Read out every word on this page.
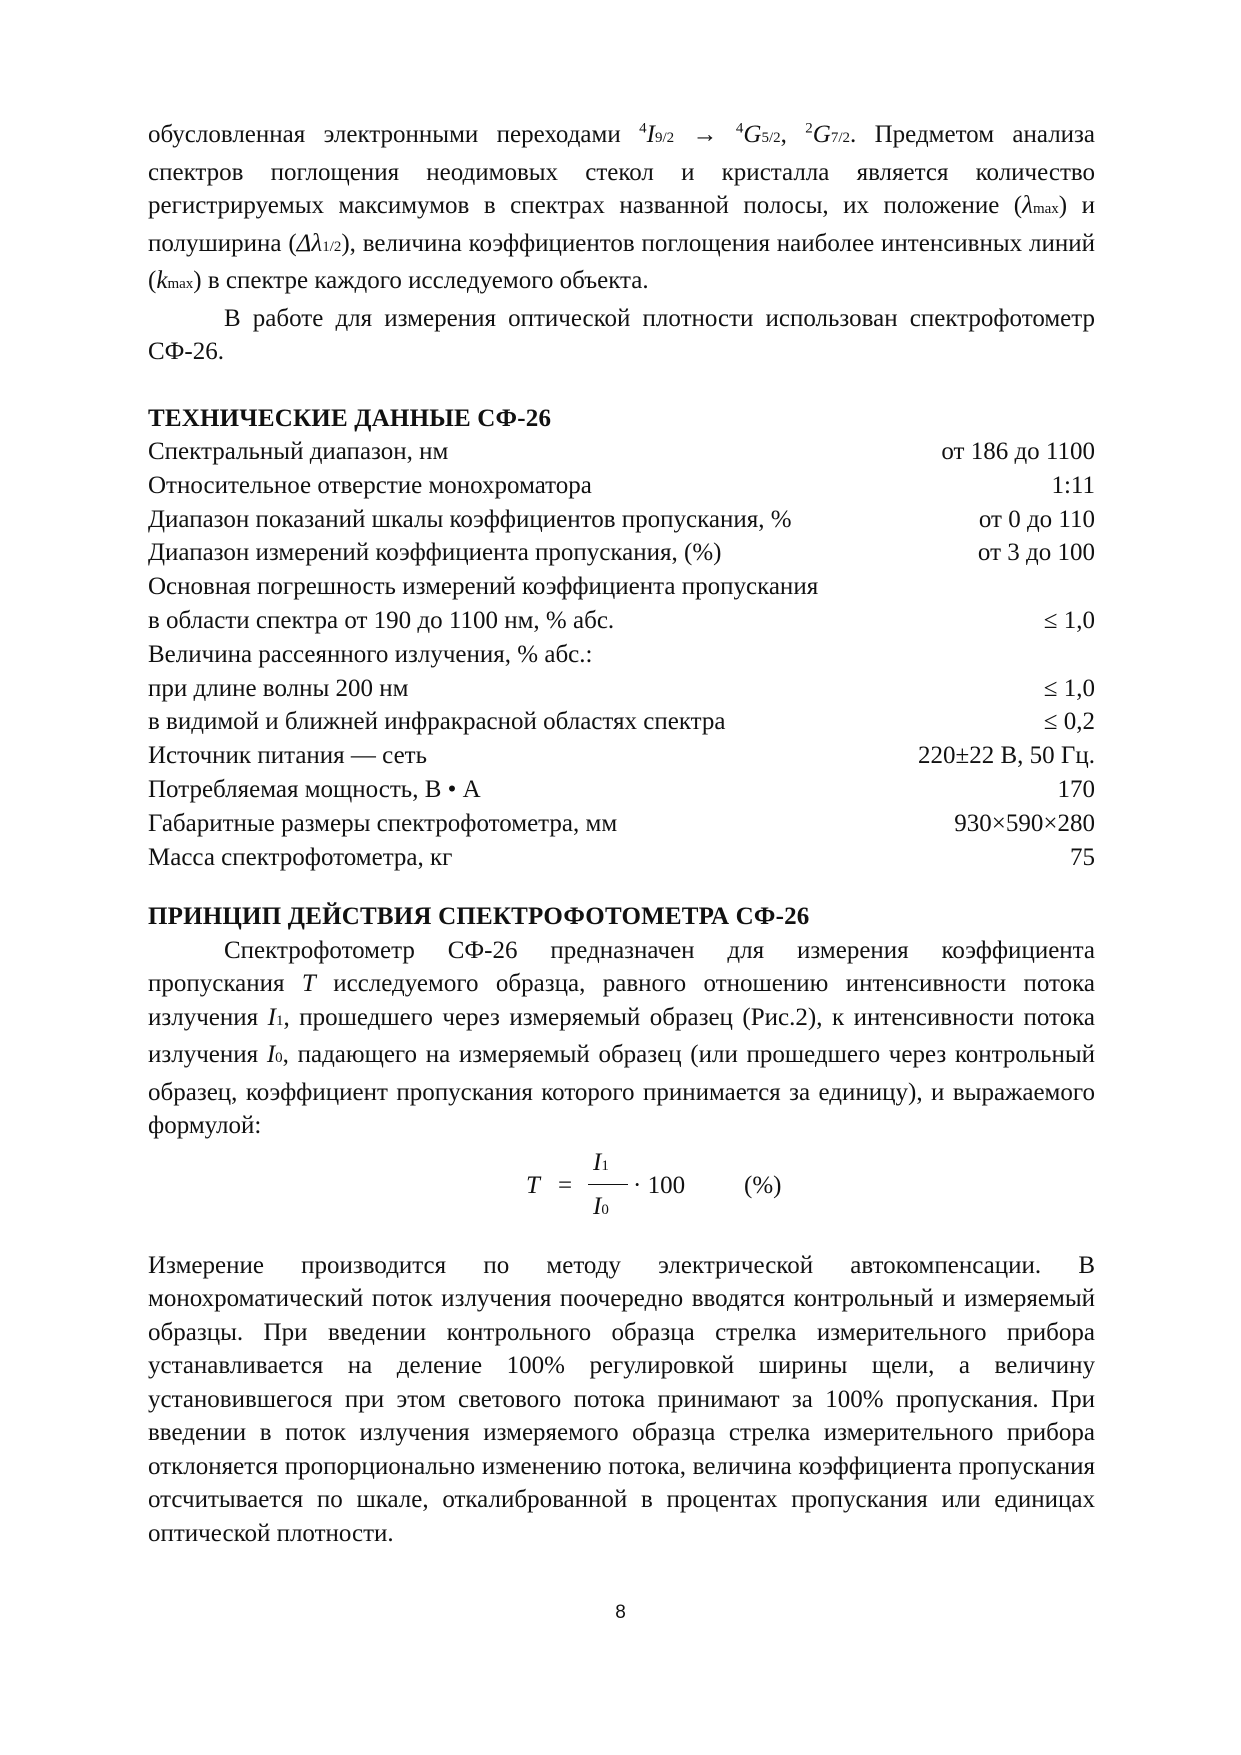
обусловленная электронными переходами $^4$I9/2 → $^4$G5/2, $^2$G7/2. Предметом анализа спектров поглощения неодимовых стекол и кристалла является количество регистрируемых максимумов в спектрах названной полосы, их положение (λmax) и полуширина (Δλ1/2), величина коэффициентов поглощения наиболее интенсивных линий (kmax) в спектре каждого исследуемого объекта.

В работе для измерения оптической плотности использован спектрофотометр СФ-26.

ТЕХНИЧЕСКИЕ ДАННЫЕ СФ-26
Спектральный диапазон, нм	от 186 до 1100
Относительное отверстие монохроматора	1:11
Диапазон показаний шкалы коэффициентов пропускания, %	от 0 до 110
Диапазон измерений коэффициента пропускания, (%)	от 3 до 100
Основная погрешность измерений коэффициента пропускания
в области спектра от 190 до 1100 нм, % абс.	≤ 1,0
Величина рассеянного излучения, % абс.:
при длине волны 200 нм	≤ 1,0
в видимой и ближней инфракрасной областях спектра	≤ 0,2
Источник питания — сеть	220±22 В, 50 Гц.
Потребляемая мощность, В • А	170
Габаритные размеры спектрофотометра, мм	930×590×280
Масса спектрофотометра, кг	75
ПРИНЦИП ДЕЙСТВИЯ СПЕКТРОФОТОМЕТРА СФ-26

Спектрофотометр СФ-26 предназначен для измерения коэффициента пропускания T исследуемого образца, равного отношению интенсивности потока излучения I1, прошедшего через измеряемый образец (Рис.2), к интенсивности потока излучения I0, падающего на измеряемый образец (или прошедшего через контрольный образец, коэффициент пропускания которого принимается за единицу), и выражаемого формулой:

T =
I1
I0
· 100 (%)

Измерение производится по методу электрической автокомпенсации. В монохроматический поток излучения поочередно вводятся контрольный и измеряемый образцы. При введении контрольного образца стрелка измерительного прибора устанавливается на деление 100% регулировкой ширины щели, а величину установившегося при этом светового потока принимают за 100% пропускания. При введении в поток излучения измеряемого образца стрелка измерительного прибора отклоняется пропорционально изменению потока, величина коэффициента пропускания отсчитывается по шкале, откалиброванной в процентах пропускания или единицах оптической плотности.

8
